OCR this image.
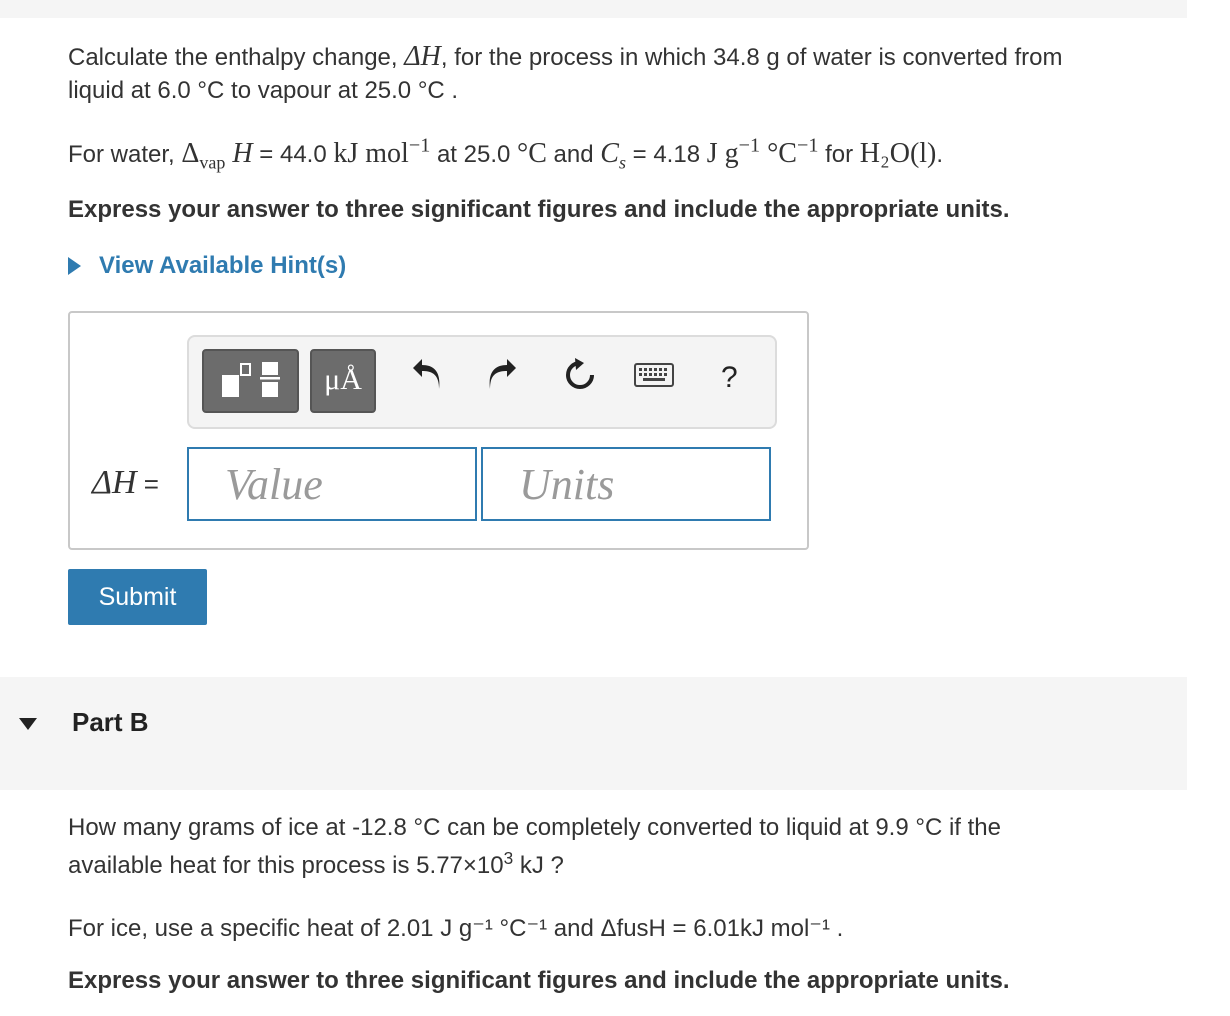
Calculate the enthalpy change, ΔH, for the process in which 34.8 g of water is converted from
liquid at 6.0 °C to vapour at 25.0 °C .
For water, $\Delta_{vap}$ H = 44.0 kJ mol$^{-1}$ at 25.0 °C and $C_s = 4.18$ J $g^{-1}$ $^\circ C^{-1}$ for H₂O(l).
Express your answer to three significant figures and include the appropriate units.
View Available Hint(s)
μÅ	?
ΔH =
Value
Units
Submit
Part B
How many grams of ice at -12.8 °C can be completely converted to liquid at 9.9 °C if the
available heat for this process is $5.77\times 10^3$ kJ ?
For ice, use a specific heat of 2.01 J g⁻¹ °C⁻¹ and ΔfusH = 6.01kJ mol⁻¹ .
Express your answer to three significant figures and include the appropriate units.
